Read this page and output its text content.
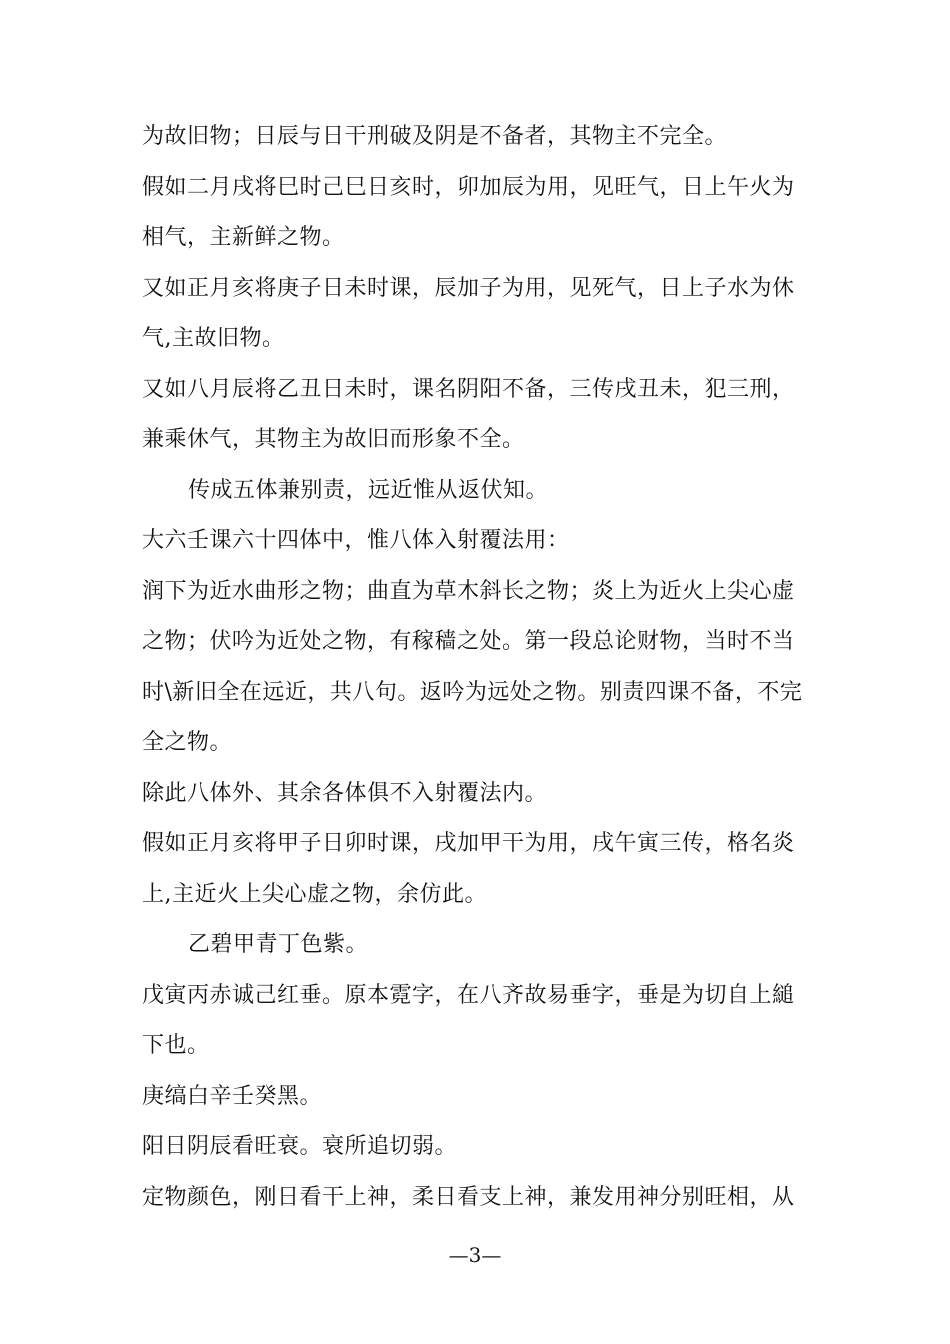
为故旧物；日辰与日干刑破及阴是不备者，其物主不完全。
假如二月戌将巳时己巳日亥时，卯加辰为用，见旺气，日上午火为
相气，主新鲜之物。
又如正月亥将庚子日未时课，辰加子为用，见死气，日上子水为休
气,主故旧物。
又如八月辰将乙丑日未时，课名阴阳不备，三传戌丑未，犯三刑，
兼乘休气，其物主为故旧而形象不全。
传成五体兼别责，远近惟从返伏知。
大六壬课六十四体中，惟八体入射覆法用：
润下为近水曲形之物；曲直为草木斜长之物；炎上为近火上尖心虚
之物；伏吟为近处之物，有稼穑之处。第一段总论财物，当时不当
时\新旧全在远近，共八句。返吟为远处之物。别责四课不备，不完
全之物。
除此八体外、其余各体俱不入射覆法内。
假如正月亥将甲子日卯时课，戌加甲干为用，戌午寅三传，格名炎
上,主近火上尖心虚之物，余仿此。
乙碧甲青丁色紫。
戊寅丙赤诚己红垂。原本霓字，在八齐故易垂字，垂是为切自上縋
下也。
庚缟白辛壬癸黑。
阳日阴辰看旺衰。衰所追切弱。
定物颜色，刚日看干上神，柔日看支上神，兼发用神分别旺相，从
—3—
